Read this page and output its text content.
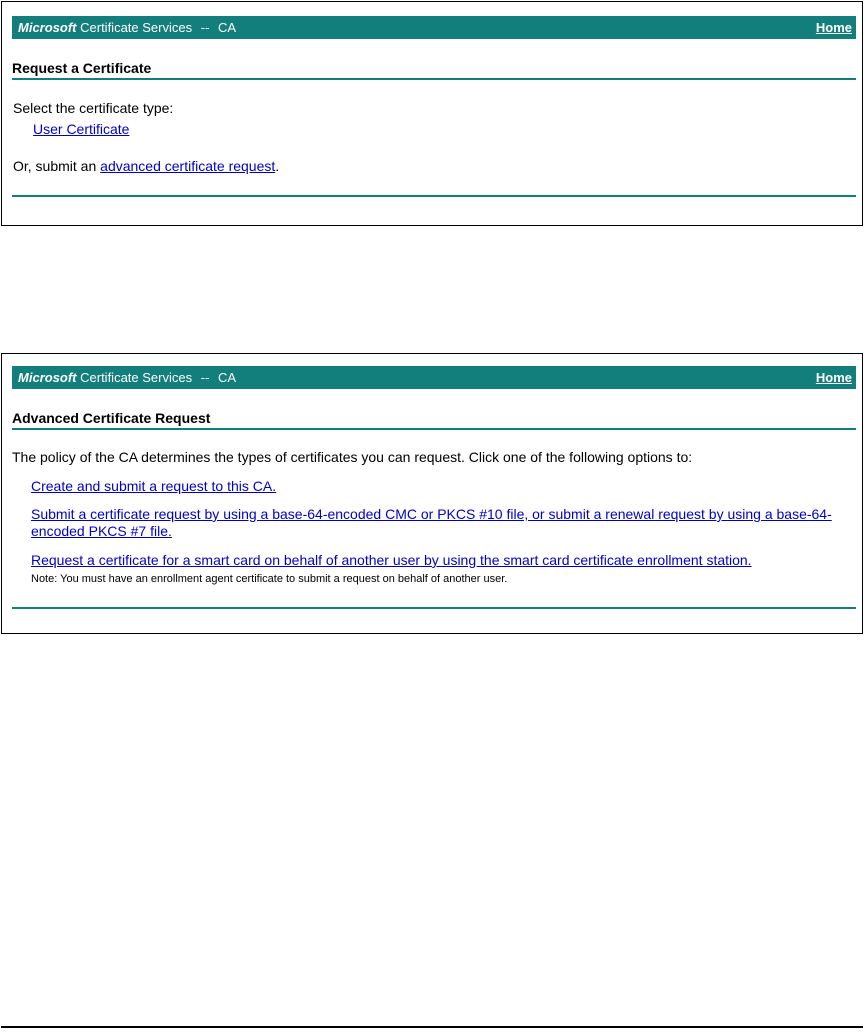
Microsoft Certificate Services -- CA	Home
Request a Certificate
Select the certificate type:
User Certificate
Or, submit an advanced certificate request.
Microsoft Certificate Services -- CA	Home
Advanced Certificate Request
The policy of the CA determines the types of certificates you can request. Click one of the following options to:
Create and submit a request to this CA.
Submit a certificate request by using a base-64-encoded CMC or PKCS #10 file, or submit a renewal request by using a base-64-encoded PKCS #7 file.
Request a certificate for a smart card on behalf of another user by using the smart card certificate enrollment station.
Note: You must have an enrollment agent certificate to submit a request on behalf of another user.
